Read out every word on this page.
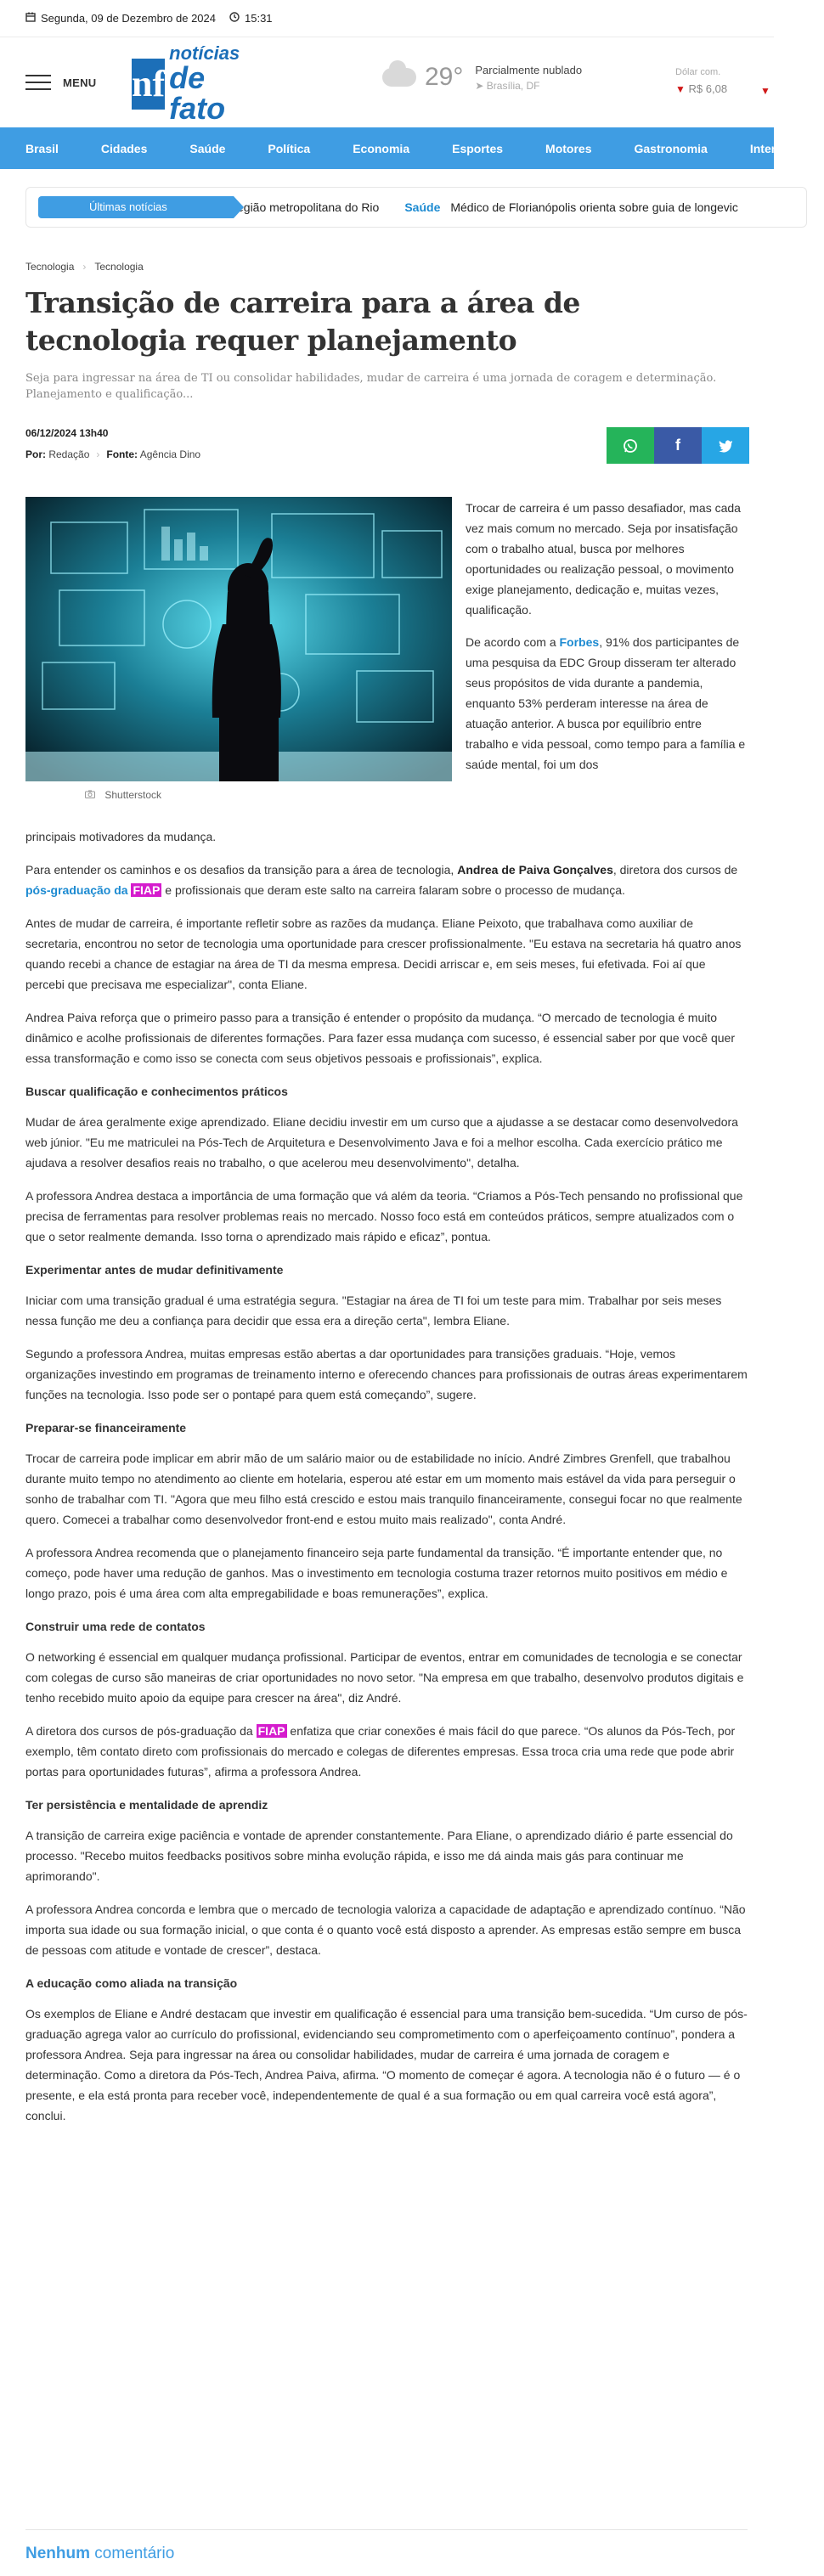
Segunda, 09 de Dezembro de 2024	15:31
MENU nf
notícias
de fato
29° Parcialmente nublado
➤ Brasília, DF
Dólar com.
▼ R$ 6,08	▼
Brasil	Cidades	Saúde	Política	Economia	Esportes	Motores	Gastronomia	Internacional
Últimas notícias	egião metropolitana do Rio Saúde Médico de Florianópolis orienta sobre guia de longevic
Tecnologia › Tecnologia
Transição de carreira para a área de tecnologia requer planejamento

Seja para ingressar na área de TI ou consolidar habilidades, mudar de carreira é uma jornada de coragem e determinação. Planejamento e qualificação...

06/12/2024 13h40
Por: Redação › Fonte: Agência Dino
f
Shutterstock

Trocar de carreira é um passo desafiador, mas cada vez mais comum no mercado. Seja por insatisfação com o trabalho atual, busca por melhores oportunidades ou realização pessoal, o movimento exige planejamento, dedicação e, muitas vezes, qualificação.

De acordo com a Forbes, 91% dos participantes de uma pesquisa da EDC Group disseram ter alterado seus propósitos de vida durante a pandemia, enquanto 53% perderam interesse na área de atuação anterior. A busca por equilíbrio entre trabalho e vida pessoal, como tempo para a família e saúde mental, foi um dos

principais motivadores da mudança.

Para entender os caminhos e os desafios da transição para a área de tecnologia, Andrea de Paiva Gonçalves, diretora dos cursos de pós-graduação da FIAP e profissionais que deram este salto na carreira falaram sobre o processo de mudança.

Antes de mudar de carreira, é importante refletir sobre as razões da mudança. Eliane Peixoto, que trabalhava como auxiliar de secretaria, encontrou no setor de tecnologia uma oportunidade para crescer profissionalmente. "Eu estava na secretaria há quatro anos quando recebi a chance de estagiar na área de TI da mesma empresa. Decidi arriscar e, em seis meses, fui efetivada. Foi aí que percebi que precisava me especializar", conta Eliane.

Andrea Paiva reforça que o primeiro passo para a transição é entender o propósito da mudança. “O mercado de tecnologia é muito dinâmico e acolhe profissionais de diferentes formações. Para fazer essa mudança com sucesso, é essencial saber por que você quer essa transformação e como isso se conecta com seus objetivos pessoais e profissionais”, explica.

Buscar qualificação e conhecimentos práticos

Mudar de área geralmente exige aprendizado. Eliane decidiu investir em um curso que a ajudasse a se destacar como desenvolvedora web júnior. "Eu me matriculei na Pós-Tech de Arquitetura e Desenvolvimento Java e foi a melhor escolha. Cada exercício prático me ajudava a resolver desafios reais no trabalho, o que acelerou meu desenvolvimento", detalha.

A professora Andrea destaca a importância de uma formação que vá além da teoria. “Criamos a Pós-Tech pensando no profissional que precisa de ferramentas para resolver problemas reais no mercado. Nosso foco está em conteúdos práticos, sempre atualizados com o que o setor realmente demanda. Isso torna o aprendizado mais rápido e eficaz”, pontua.

Experimentar antes de mudar definitivamente

Iniciar com uma transição gradual é uma estratégia segura. "Estagiar na área de TI foi um teste para mim. Trabalhar por seis meses nessa função me deu a confiança para decidir que essa era a direção certa", lembra Eliane.

Segundo a professora Andrea, muitas empresas estão abertas a dar oportunidades para transições graduais. “Hoje, vemos organizações investindo em programas de treinamento interno e oferecendo chances para profissionais de outras áreas experimentarem funções na tecnologia. Isso pode ser o pontapé para quem está começando”, sugere.

Preparar-se financeiramente

Trocar de carreira pode implicar em abrir mão de um salário maior ou de estabilidade no início. André Zimbres Grenfell, que trabalhou durante muito tempo no atendimento ao cliente em hotelaria, esperou até estar em um momento mais estável da vida para perseguir o sonho de trabalhar com TI. "Agora que meu filho está crescido e estou mais tranquilo financeiramente, consegui focar no que realmente quero. Comecei a trabalhar como desenvolvedor front-end e estou muito mais realizado", conta André.

A professora Andrea recomenda que o planejamento financeiro seja parte fundamental da transição. “É importante entender que, no começo, pode haver uma redução de ganhos. Mas o investimento em tecnologia costuma trazer retornos muito positivos em médio e longo prazo, pois é uma área com alta empregabilidade e boas remunerações”, explica.

Construir uma rede de contatos

O networking é essencial em qualquer mudança profissional. Participar de eventos, entrar em comunidades de tecnologia e se conectar com colegas de curso são maneiras de criar oportunidades no novo setor. "Na empresa em que trabalho, desenvolvo produtos digitais e tenho recebido muito apoio da equipe para crescer na área", diz André.

A diretora dos cursos de pós-graduação da FIAP enfatiza que criar conexões é mais fácil do que parece. “Os alunos da Pós-Tech, por exemplo, têm contato direto com profissionais do mercado e colegas de diferentes empresas. Essa troca cria uma rede que pode abrir portas para oportunidades futuras”, afirma a professora Andrea.

Ter persistência e mentalidade de aprendiz

A transição de carreira exige paciência e vontade de aprender constantemente. Para Eliane, o aprendizado diário é parte essencial do processo. "Recebo muitos feedbacks positivos sobre minha evolução rápida, e isso me dá ainda mais gás para continuar me aprimorando".

A professora Andrea concorda e lembra que o mercado de tecnologia valoriza a capacidade de adaptação e aprendizado contínuo. “Não importa sua idade ou sua formação inicial, o que conta é o quanto você está disposto a aprender. As empresas estão sempre em busca de pessoas com atitude e vontade de crescer”, destaca.

A educação como aliada na transição

Os exemplos de Eliane e André destacam que investir em qualificação é essencial para uma transição bem-sucedida. “Um curso de pós-graduação agrega valor ao currículo do profissional, evidenciando seu comprometimento com o aperfeiçoamento contínuo”, pondera a professora Andrea. Seja para ingressar na área ou consolidar habilidades, mudar de carreira é uma jornada de coragem e determinação. Como a diretora da Pós-Tech, Andrea Paiva, afirma. “O momento de começar é agora. A tecnologia não é o futuro — é o presente, e ela está pronta para receber você, independentemente de qual é a sua formação ou em qual carreira você está agora”, conclui.

Nenhum comentário
